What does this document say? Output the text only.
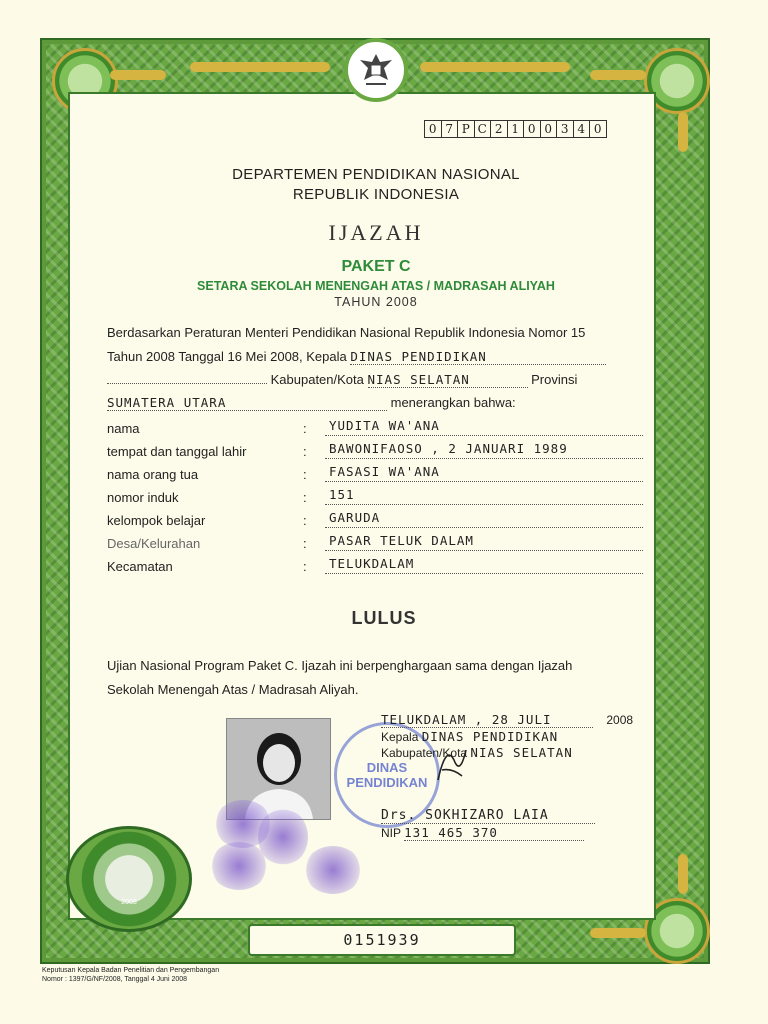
0 7 P C 2 1 0 0 3 4 0
DEPARTEMEN PENDIDIKAN NASIONAL
REPUBLIK INDONESIA
IJAZAH
PAKET C
SETARA SEKOLAH MENENGAH ATAS / MADRASAH ALIYAH
TAHUN 2008
Berdasarkan Peraturan Menteri Pendidikan Nasional Republik Indonesia Nomor 15
Tahun 2008 Tanggal 16 Mei 2008, Kepala DINAS PENDIDIKAN
Kabupaten/Kota NIAS SELATAN	Provinsi
SUMATERA UTARA	menerangkan bahwa:
nama	:	YUDITA WA'ANA
tempat dan tanggal lahir	:	BAWONIFAOSO , 2 JANUARI 1989
nama orang tua	:	FASASI WA'ANA
nomor induk	:	151
kelompok belajar	:	GARUDA
Desa/Kelurahan	:	PASAR TELUK DALAM
Kecamatan	:	TELUKDALAM
LULUS
Ujian Nasional Program Paket C. Ijazah ini berpenghargaan sama dengan Ijazah
Sekolah Menengah Atas / Madrasah Aliyah.
DINAS
PENDIDIKAN
TELUKDALAM , 28 JULI	2008
Kepala DINAS PENDIDIKAN
Kabupaten/Kota NIAS SELATAN
Drs. SOKHIZARO LAIA
NIP 131 465 370
2008
0151939
Keputusan Kepala Badan Penelitian dan Pengembangan
Nomor : 1397/G/NF/2008, Tanggal 4 Juni 2008
